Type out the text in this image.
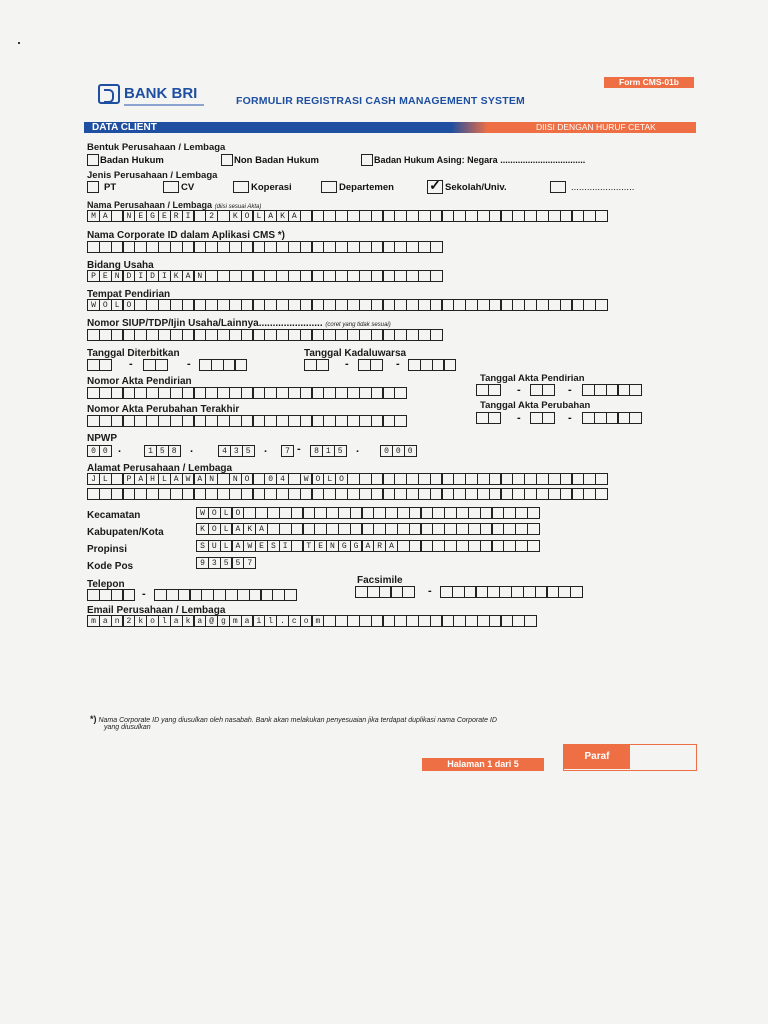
BANK BRI	FORMULIR REGISTRASI CASH MANAGEMENT SYSTEM
Form CMS-01b
DATA CLIENT	DIISI DENGAN HURUF CETAK
Bentuk Perusahaan / Lembaga
Badan Hukum	Non Badan Hukum	Badan Hukum Asing: Negara ..................................
Jenis Perusahaan / Lembaga
PT	CV	Koperasi	Departemen	✓ Sekolah/Univ.	........................
Nama Perusahaan / Lembaga (diisi sesuai Akta)
M A	N E G E R I	2	K O L A K A
Nama Corporate ID dalam Aplikasi CMS *)
Bidang Usaha
P E N D I D I K A N
Tempat Pendirian
W O L O
Nomor SIUP/TDP/Ijin Usaha/Lainnya....................... (coret yang tidak sesuai)
Tanggal Diterbitkan
-	-
Tanggal Kadaluwarsa
-	-
Nomor Akta Pendirian	Tanggal Akta Pendirian
-	-
Nomor Akta Perubahan Terakhir	Tanggal Akta Perubahan
-	-
NPWP
0 0 .	1 5 8	.	4 3 5	.	7 -	8 1 5	.	0 0 0
Alamat Perusahaan / Lembaga
J L	P A H L A W A N	N O	0 4	W O L O
Kecamatan	W O L O
Kabupaten/Kota	K O L A K A
Propinsi	S U L A W E S I	T E N G G A R A
Kode Pos	9 3 5 5 7
Telepon
-
Facsimile
-
Email Perusahaan / Lembaga
m a n 2 k o l a k a @ g m a i l . c o m
*) Nama Corporate ID yang diusulkan oleh nasabah. Bank akan melakukan penyesuaian jika terdapat duplikasi nama Corporate ID
yang diusulkan
Halaman 1 dari 5
Paraf
